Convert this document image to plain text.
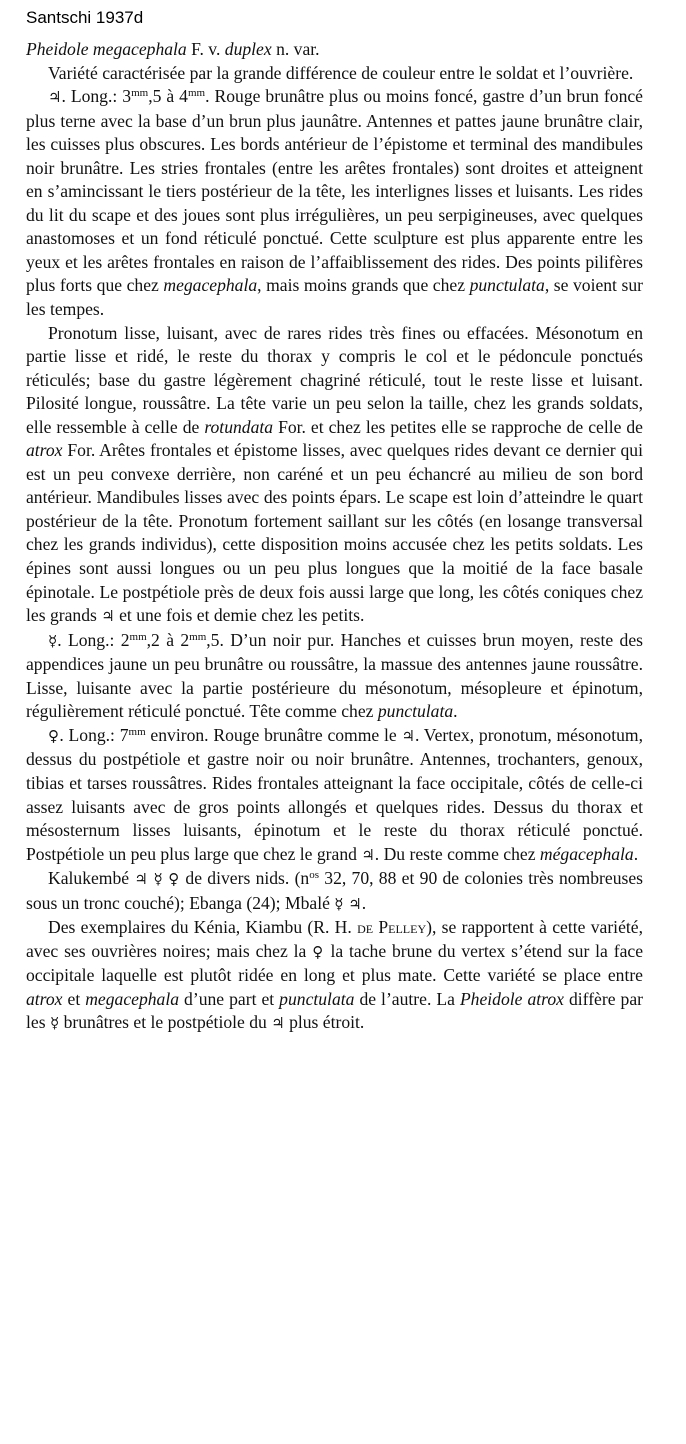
Santschi 1937d

Pheidole megacephala F. v. duplex n. var.

Variété caractérisée par la grande différence de couleur entre le soldat et l’ouvrière.

♃. Long.: $3^{mm},5$ à $4^{mm}$. Rouge brunâtre plus ou moins foncé, gastre d’un brun foncé plus terne avec la base d’un brun plus jaunâtre. Antennes et pattes jaune brunâtre clair, les cuisses plus obscures. Les bords antérieur de l’épistome et terminal des mandibules noir brunâtre. Les stries frontales (entre les arêtes frontales) sont droites et atteignent en s’amincissant le tiers postérieur de la tête, les interlignes lisses et luisants. Les rides du lit du scape et des joues sont plus irrégulières, un peu serpigineuses, avec quelques anastomoses et un fond réticulé ponctué. Cette sculpture est plus apparente entre les yeux et les arêtes frontales en raison de l’affaiblissement des rides. Des points pilifères plus forts que chez megacephala, mais moins grands que chez punctulata, se voient sur les tempes.

Pronotum lisse, luisant, avec de rares rides très fines ou effacées. Mésonotum en partie lisse et ridé, le reste du thorax y compris le col et le pédoncule ponctués réticulés; base du gastre légèrement chagriné réticulé, tout le reste lisse et luisant. Pilosité longue, roussâtre. La tête varie un peu selon la taille, chez les grands soldats, elle ressemble à celle de rotundata For. et chez les petites elle se rapproche de celle de atrox For. Arêtes frontales et épistome lisses, avec quelques rides devant ce dernier qui est un peu convexe derrière, non caréné et un peu échancré au milieu de son bord antérieur. Mandibules lisses avec des points épars. Le scape est loin d’atteindre le quart postérieur de la tête. Pronotum fortement saillant sur les côtés (en losange transversal chez les grands individus), cette disposition moins accusée chez les petits soldats. Les épines sont aussi longues ou un peu plus longues que la moitié de la face basale épinotale. Le postpétiole près de deux fois aussi large que long, les côtés coniques chez les grands ♃ et une fois et demie chez les petits.

☿. Long.: $2^{mm},2$ à $2^{mm},5$. D’un noir pur. Hanches et cuisses brun moyen, reste des appendices jaune un peu brunâtre ou roussâtre, la massue des antennes jaune roussâtre. Lisse, luisante avec la partie postérieure du mésonotum, mésopleure et épinotum, régulièrement réticulé ponctué. Tête comme chez punctulata.

♀. Long.: $7^{mm}$ environ. Rouge brunâtre comme le ♃. Vertex, pronotum, mésonotum, dessus du postpétiole et gastre noir ou noir brunâtre. Antennes, trochanters, genoux, tibias et tarses roussâtres. Rides frontales atteignant la face occipitale, côtés de celle-ci assez luisants avec de gros points allongés et quelques rides. Dessus du thorax et mésosternum lisses luisants, épinotum et le reste du thorax réticulé ponctué. Postpétiole un peu plus large que chez le grand ♃. Du reste comme chez mégacephala.

Kalukembé ♃ ☿ ♀ de divers nids. ($n^{os}$ 32, 70, 88 et 90 de colonies très nombreuses sous un tronc couché); Ebanga (24); Mbalé ☿ ♃.

Des exemplaires du Kénia, Kiambu (R. H. de Pelley), se rapportent à cette variété, avec ses ouvrières noires; mais chez la ♀ la tache brune du vertex s’étend sur la face occipitale laquelle est plutôt ridée en long et plus mate. Cette variété se place entre atrox et megacephala d’une part et punctulata de l’autre. La Pheidole atrox diffère par les ☿ brunâtres et le postpétiole du ♃ plus étroit.
